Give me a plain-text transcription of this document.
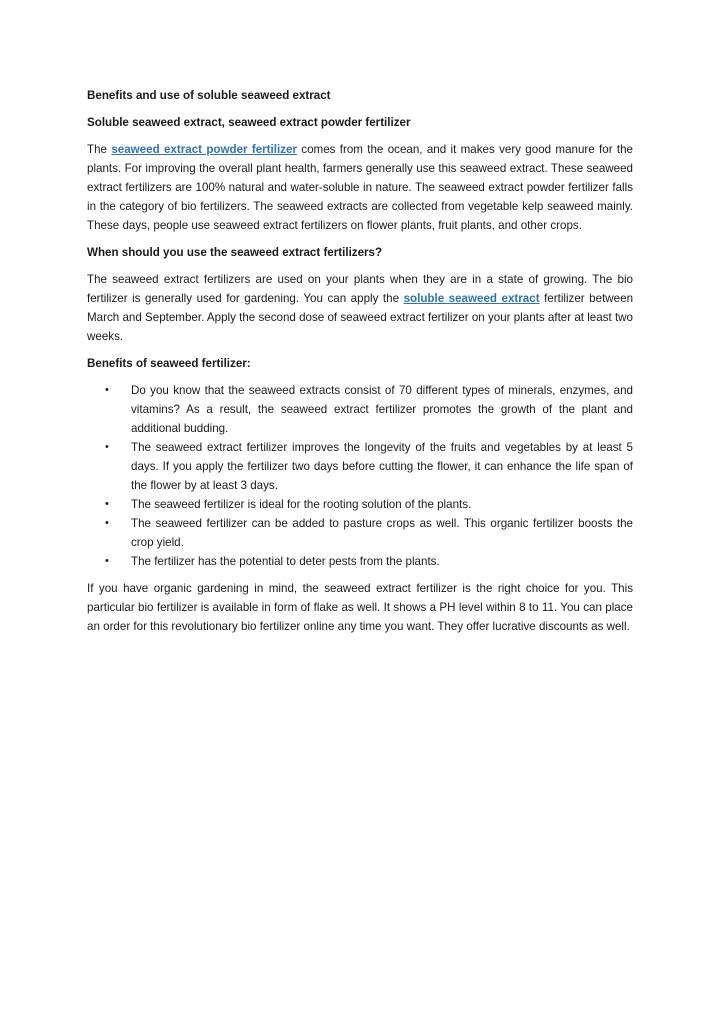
Benefits and use of soluble seaweed extract

Soluble seaweed extract, seaweed extract powder fertilizer

The seaweed extract powder fertilizer comes from the ocean, and it makes very good manure for the plants. For improving the overall plant health, farmers generally use this seaweed extract. These seaweed extract fertilizers are 100% natural and water-soluble in nature. The seaweed extract powder fertilizer falls in the category of bio fertilizers. The seaweed extracts are collected from vegetable kelp seaweed mainly. These days, people use seaweed extract fertilizers on flower plants, fruit plants, and other crops.

When should you use the seaweed extract fertilizers?

The seaweed extract fertilizers are used on your plants when they are in a state of growing. The bio fertilizer is generally used for gardening. You can apply the soluble seaweed extract fertilizer between March and September. Apply the second dose of seaweed extract fertilizer on your plants after at least two weeks.

Benefits of seaweed fertilizer:

• Do you know that the seaweed extracts consist of 70 different types of minerals, enzymes, and vitamins? As a result, the seaweed extract fertilizer promotes the growth of the plant and additional budding.
• The seaweed extract fertilizer improves the longevity of the fruits and vegetables by at least 5 days. If you apply the fertilizer two days before cutting the flower, it can enhance the life span of the flower by at least 3 days.
• The seaweed fertilizer is ideal for the rooting solution of the plants.
• The seaweed fertilizer can be added to pasture crops as well. This organic fertilizer boosts the crop yield.
• The fertilizer has the potential to deter pests from the plants.

If you have organic gardening in mind, the seaweed extract fertilizer is the right choice for you. This particular bio fertilizer is available in form of flake as well. It shows a PH level within 8 to 11. You can place an order for this revolutionary bio fertilizer online any time you want. They offer lucrative discounts as well.
